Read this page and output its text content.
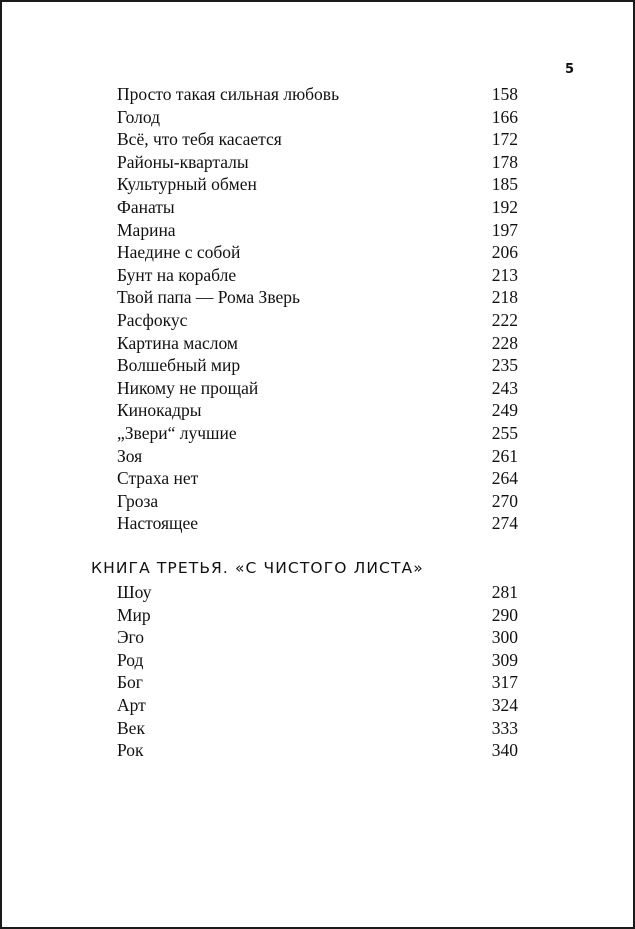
5
Просто такая сильная любовь	158
Голод	166
Всё, что тебя касается	172
Районы-кварталы	178
Культурный обмен	185
Фанаты	192
Марина	197
Наедине с собой	206
Бунт на корабле	213
Твой папа — Рома Зверь	218
Расфокус	222
Картина маслом	228
Волшебный мир	235
Никому не прощай	243
Кинокадры	249
„Звери“ лучшие	255
Зоя	261
Страха нет	264
Гроза	270
Настоящее	274
КНИГА ТРЕТЬЯ. «С ЧИСТОГО ЛИСТА»
Шоу	281
Мир	290
Эго	300
Род	309
Бог	317
Арт	324
Век	333
Рок	340
